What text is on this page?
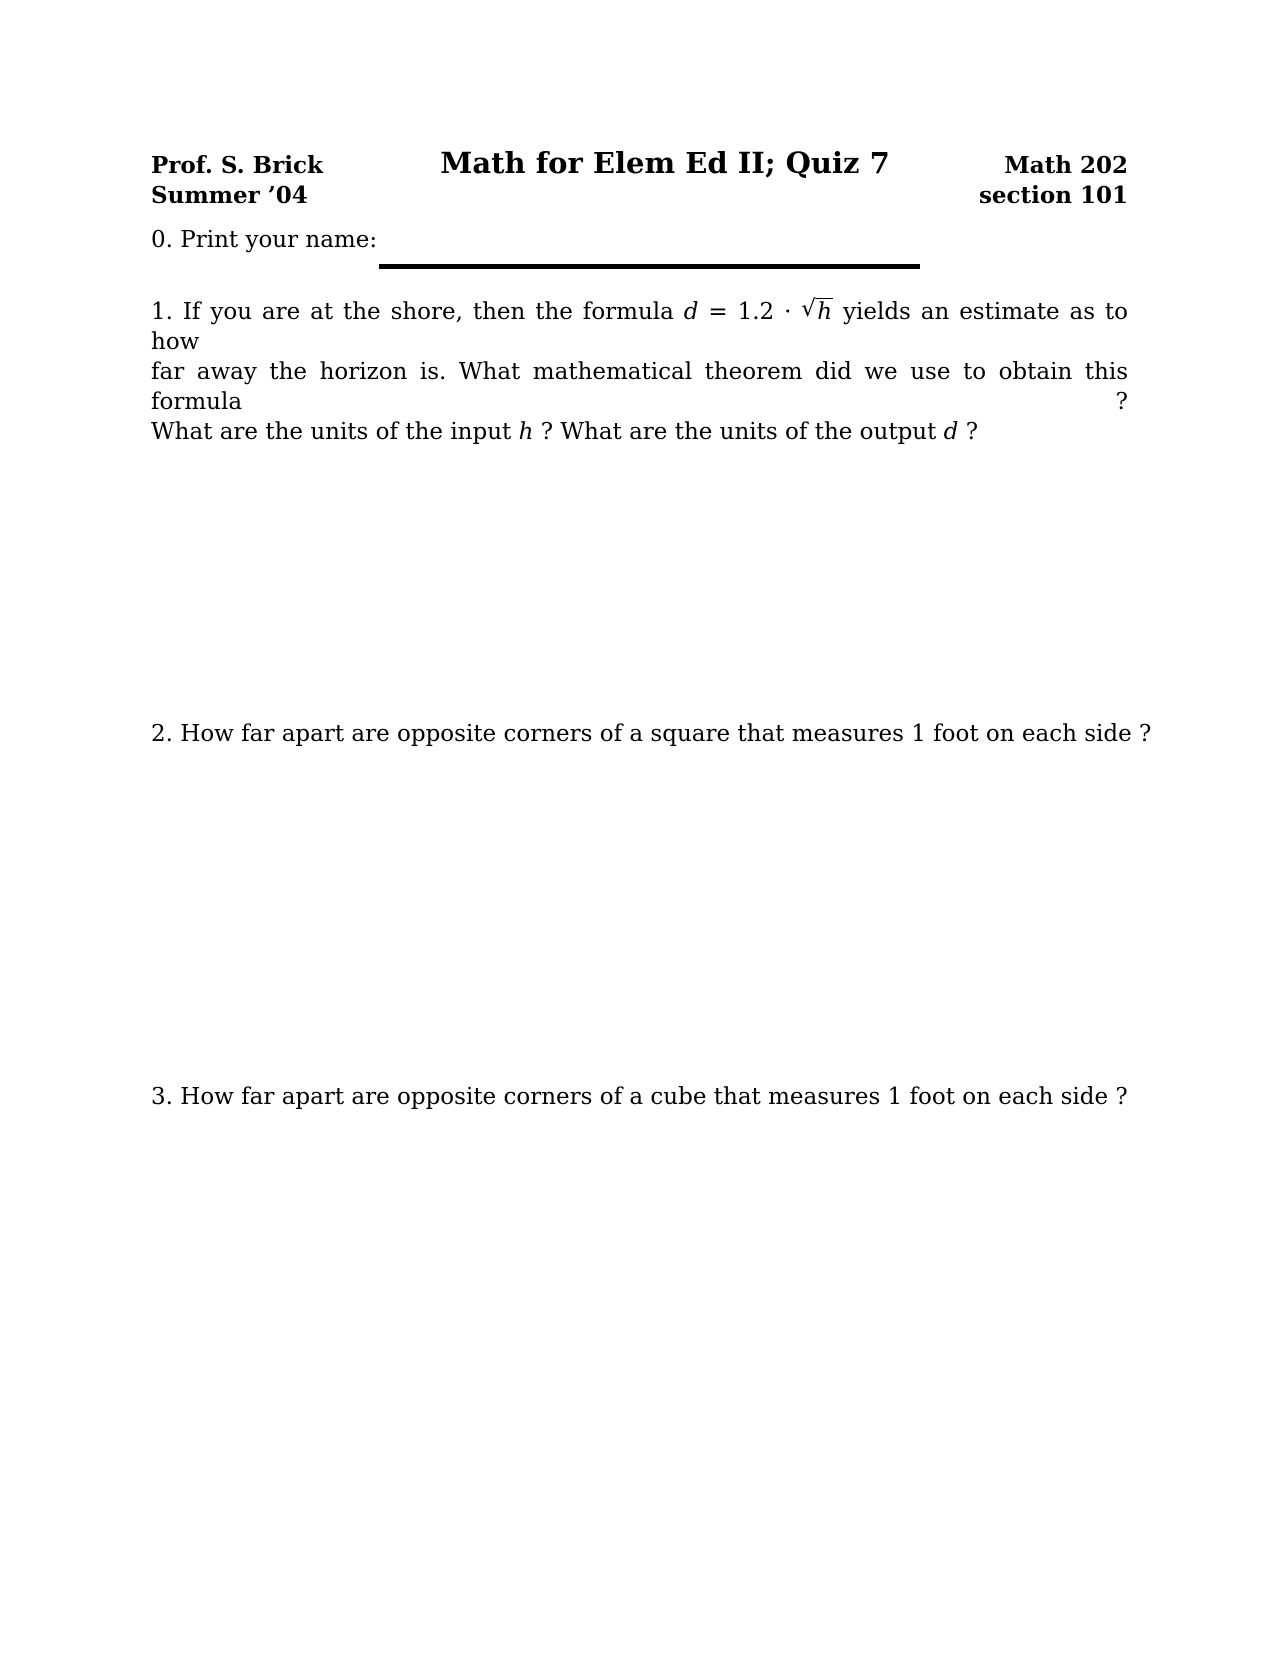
Prof. S. Brick
Summer ’04
Math for Elem Ed II; Quiz 7	Math 202
section 101
0. Print your name:
1. If you are at the shore, then the formula d = 1.2 · √ h yields an estimate as to how
far away the horizon is. What mathematical theorem did we use to obtain this formula ?
What are the units of the input h ? What are the units of the output d ?
2. How far apart are opposite corners of a square that measures 1 foot on each side ?
3. How far apart are opposite corners of a cube that measures 1 foot on each side ?
